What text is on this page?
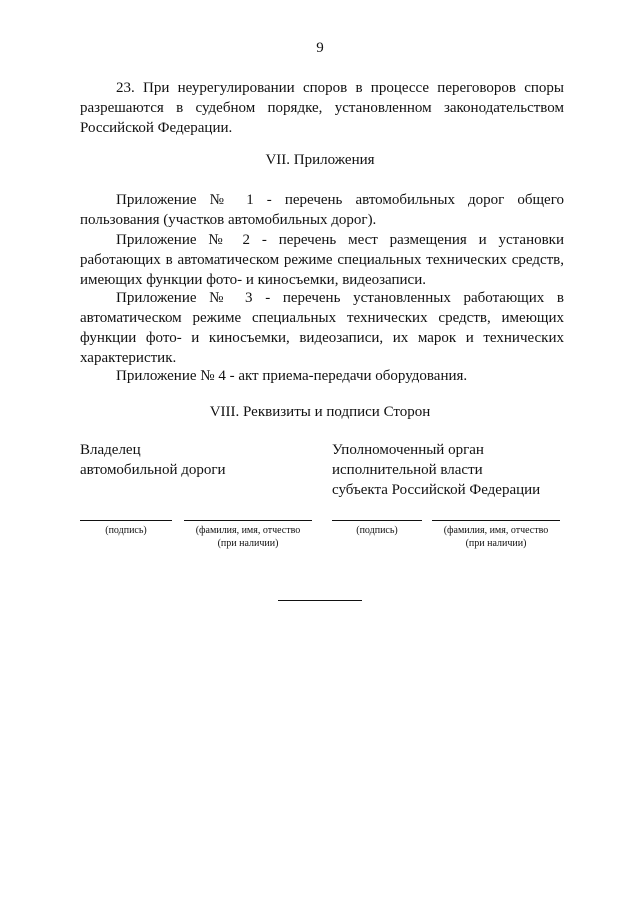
9

23. При неурегулировании споров в процессе переговоров споры разрешаются в судебном порядке, установленном законодательством Российской Федерации.

VII. Приложения

Приложение № 1 - перечень автомобильных дорог общего пользования (участков автомобильных дорог).

Приложение № 2 - перечень мест размещения и установки работающих в автоматическом режиме специальных технических средств, имеющих функции фото- и киносъемки, видеозаписи.

Приложение № 3 - перечень установленных работающих в автоматическом режиме специальных технических средств, имеющих функции фото- и киносъемки, видеозаписи, их марок и технических характеристик.

Приложение № 4 - акт приема-передачи оборудования.

VIII. Реквизиты и подписи Сторон
Владелец
автомобильной дороги
Уполномоченный орган
исполнительной власти
субъекта Российской Федерации
(подпись)	(фамилия, имя, отчество
(при наличии)
(подпись)	(фамилия, имя, отчество
(при наличии)
